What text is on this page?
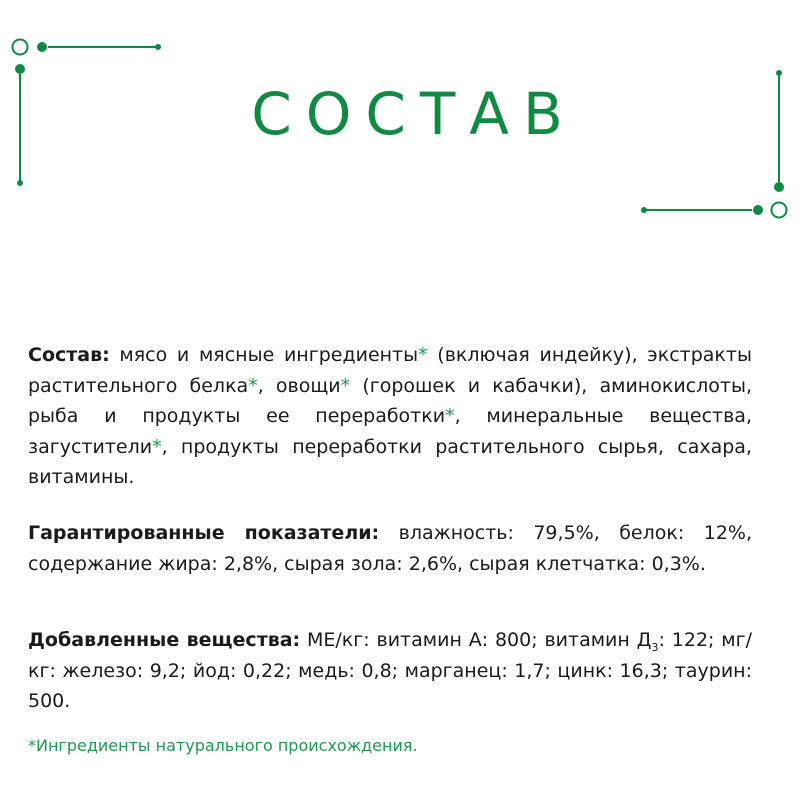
СОСТАВ

Состав: мясо и мясные ингредиенты* (включая индейку), экстракты растительного белка*, овощи* (горошек и кабачки), аминокислоты, рыба и продукты ее переработки*, минеральные вещества, загустители*, продукты переработки растительного сырья, сахара, витамины.

Гарантированные показатели: влажность: 79,5%, белок: 12%, содержание жира: 2,8%, сырая зола: 2,6%, сырая клетчатка: 0,3%.

Добавленные вещества: МЕ/кг: витамин А: 800; витамин $Д_3$: 122; мг/кг: железо: 9,2; йод: 0,22; медь: 0,8; марганец: 1,7; цинк: 16,3; таурин: 500.

*Ингредиенты натурального происхождения.
